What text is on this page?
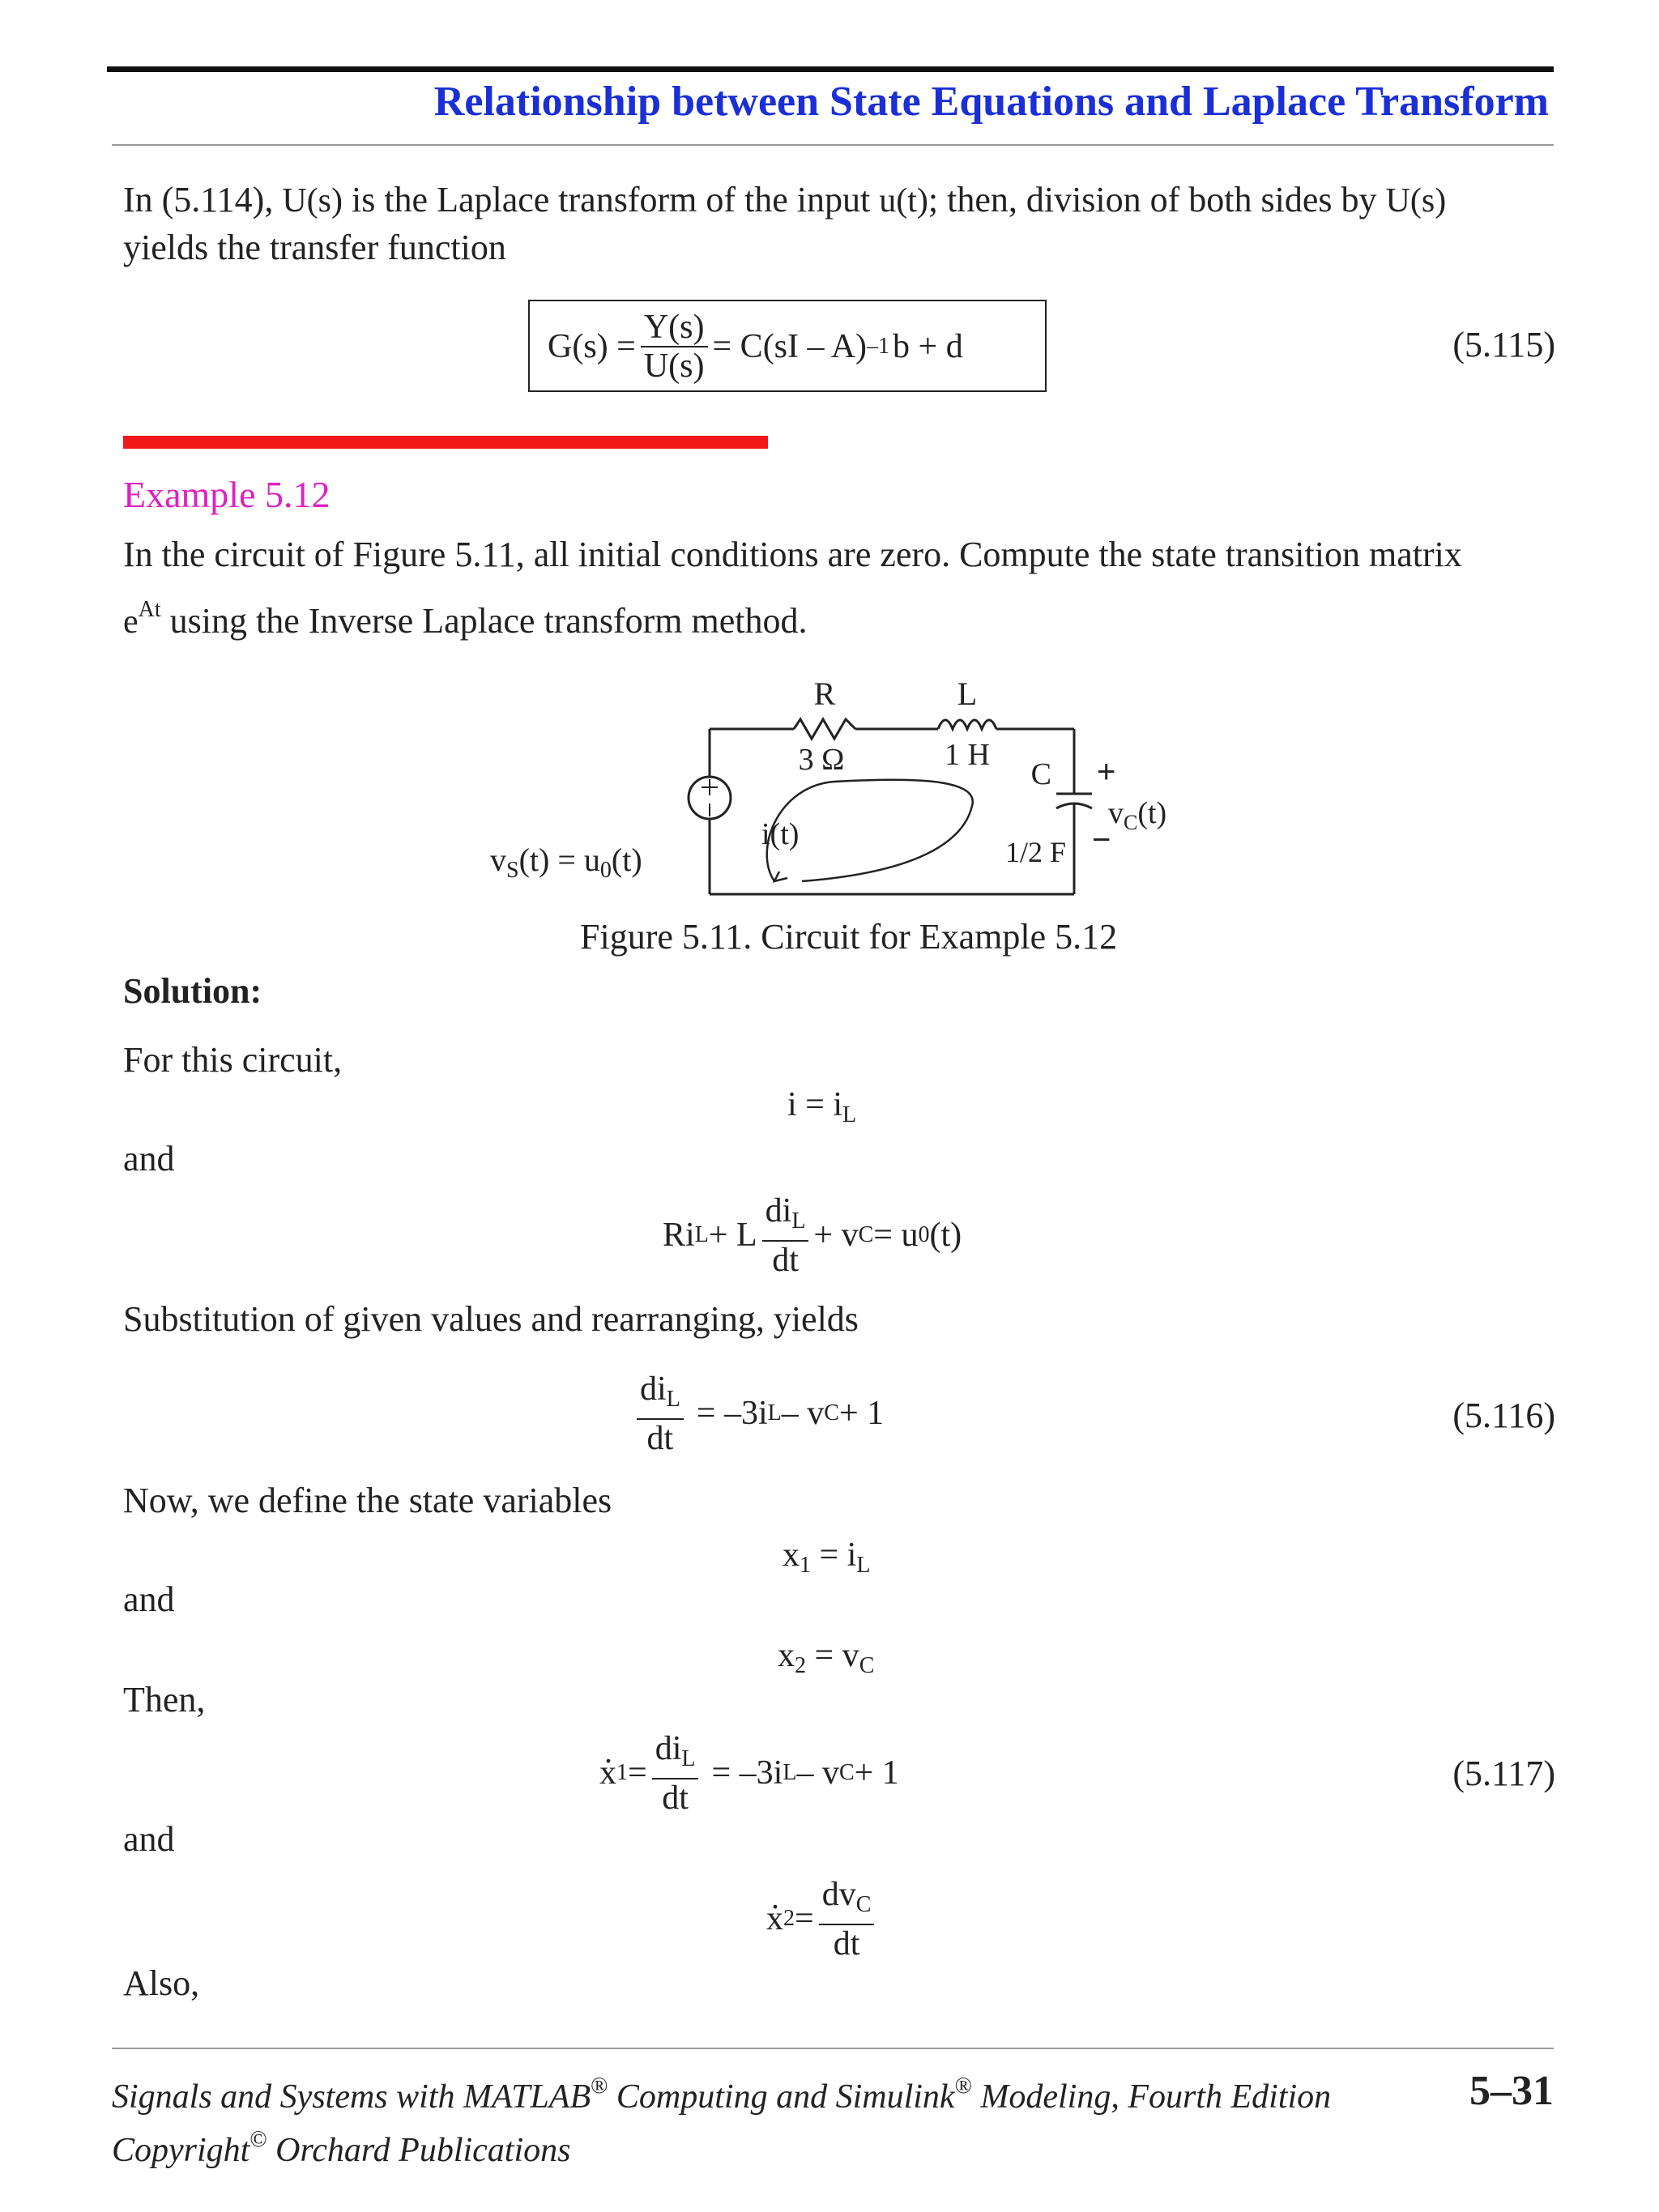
Relationship between State Equations and Laplace Transform
In (5.114), U(s) is the Laplace transform of the input u(t); then, division of both sides by U(s)
yields the transfer function
$G(s) = \frac{Y(s)}{U(s)} = C(sI - A)$ –1 b + d	(5.115)
Example 5.12
In the circuit of Figure 5.11, all initial conditions are zero. Compute the state transition matrix
$e^{At}$ using the Inverse Laplace transform method.
R
3 Ω
L
1 H
C
1/2 F
+
−
$v_C(t)$
i(t)
$v_S(t) = u_0(t)$
Figure 5.11. Circuit for Example 5.12
Solution:
For this circuit,
$i = i_L$
and
Ri L + L $\frac{di_L}{dt} + v$ C = u 0 (t)
Substitution of given values and rearranging, yields
$\frac{di_L}{dt} = -3i$ L – v C + 1	(5.116)
Now, we define the state variables
$x_1 = i_L$
and
$x_2 = v_C$
Then,
. x $1 = \frac{di_L}{dt} = -3i$ L – v C + 1	(5.117)
and
. x $2 = \frac{dv_C}{dt}$
Also,
Signals and Systems with MATLAB® Computing and Simulink® Modeling, Fourth Edition	5–31
Copyright© Orchard Publications
